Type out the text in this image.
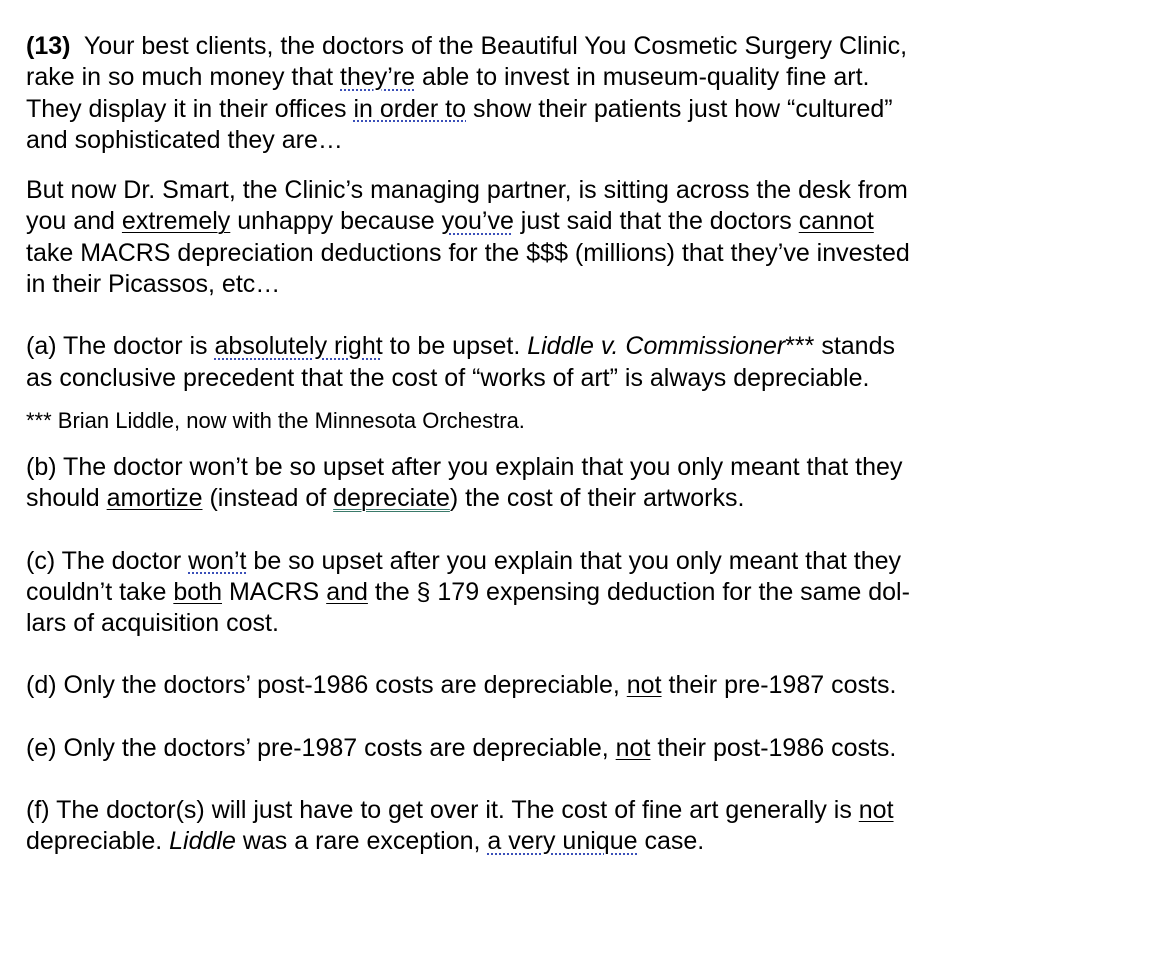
(13) Your best clients, the doctors of the Beautiful You Cosmetic Surgery Clinic,
rake in so much money that they’re able to invest in museum-quality fine art.
They display it in their offices in order to show their patients just how “cultured”
and sophisticated they are…

But now Dr. Smart, the Clinic’s managing partner, is sitting across the desk from
you and extremely unhappy because you’ve just said that the doctors cannot
take MACRS depreciation deductions for the $$$ (millions) that they’ve invested
in their Picassos, etc…

(a) The doctor is absolutely right to be upset. Liddle v. Commissioner*** stands
as conclusive precedent that the cost of “works of art” is always depreciable.

*** Brian Liddle, now with the Minnesota Orchestra.

(b) The doctor won’t be so upset after you explain that you only meant that they
should amortize (instead of depreciate) the cost of their artworks.

(c) The doctor won’t be so upset after you explain that you only meant that they
couldn’t take both MACRS and the § 179 expensing deduction for the same dol-
lars of acquisition cost.

(d) Only the doctors’ post-1986 costs are depreciable, not their pre-1987 costs.

(e) Only the doctors’ pre-1987 costs are depreciable, not their post-1986 costs.

(f) The doctor(s) will just have to get over it. The cost of fine art generally is not
depreciable. Liddle was a rare exception, a very unique case.
